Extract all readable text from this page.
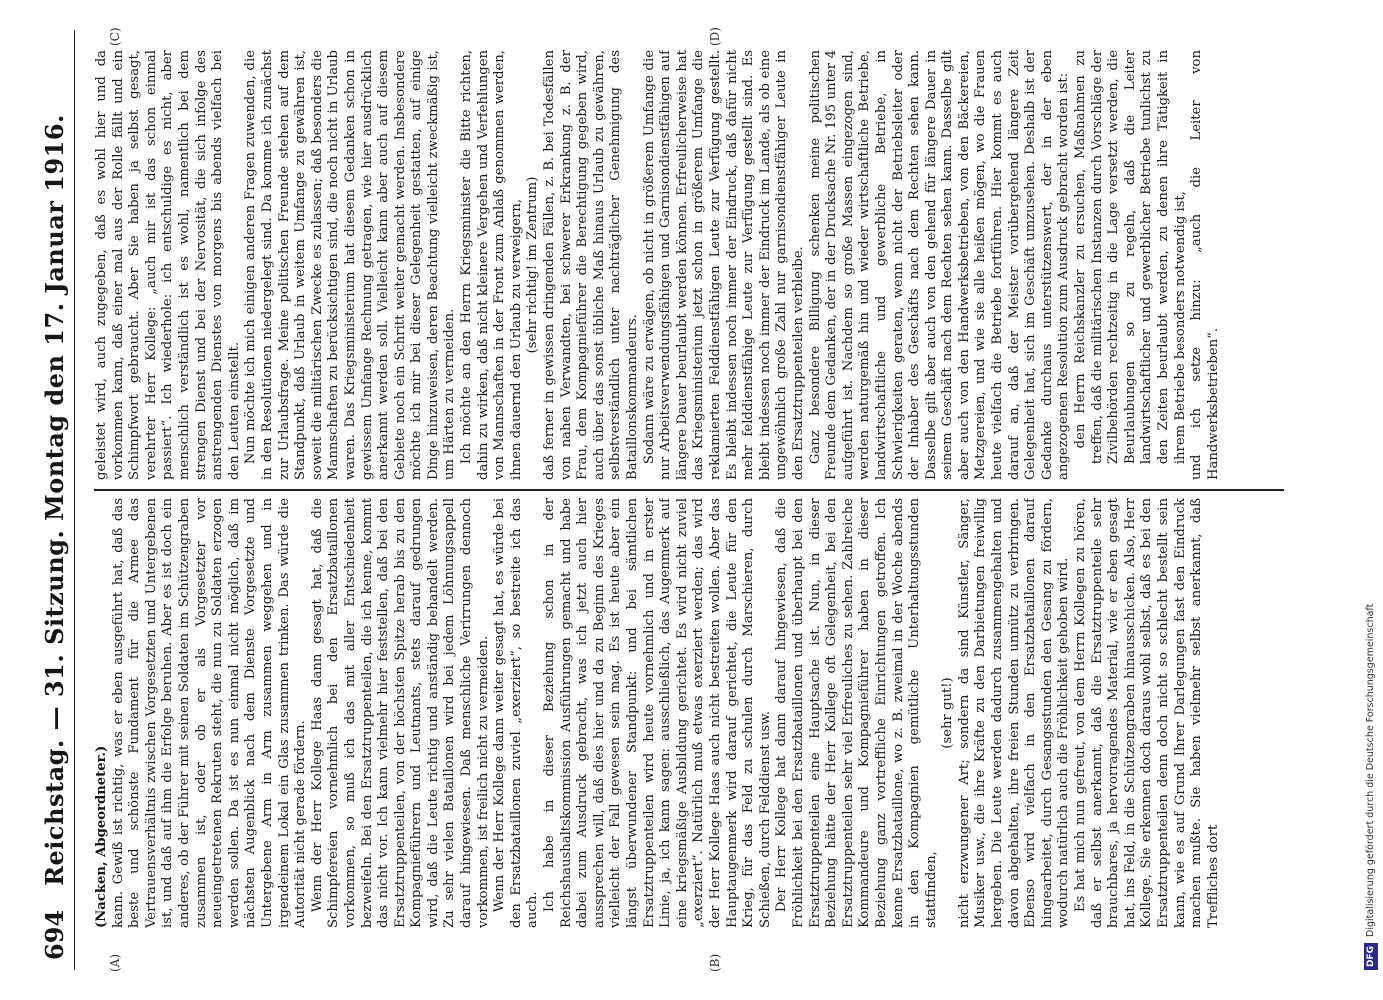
694
Reichstag. — 31. Sitzung. Montag den 17. Januar 1916.
(A)	(B)
(C)	(D)

(Nacken, Abgeordneter.) kann. Gewiß ist richtig, was er eben ausgeführt hat, daß das beste und schönste Fundament für die Armee das Vertrauensverhältnis zwischen Vorgesetzten und Untergebenen ist, und daß auf ihm die Erfolge beruhen. Aber es ist doch ein anderes, ob der Führer mit seinen Soldaten im Schützengraben zusammen ist, oder ob er als Vorgesetzter vor neueingetretenen Rekruten steht, die nun zu Soldaten erzogen werden sollen. Da ist es nun einmal nicht möglich, daß im nächsten Augenblick nach dem Dienste Vorgesetzte und Untergebene Arm in Arm zusammen weggehen und in irgendeinem Lokal ein Glas zusammen trinken. Das würde die Autorität nicht gerade fördern. Wenn der Herr Kollege Haas dann gesagt hat, daß die Schimpfereien vornehmlich bei den Ersatzbataillonen vorkommen, so muß ich das mit aller Entschiedenheit bezweifeln. Bei den Ersatztruppenteilen, die ich kenne, kommt das nicht vor. Ich kann vielmehr hier feststellen, daß bei den Ersatztruppenteilen, von der höchsten Spitze herab bis zu den Kompagnieführern und Leutnants, stets darauf gedrungen wird, daß die Leute richtig und anständig behandelt werden. Zu sehr vielen Bataillonen wird bei jedem Löhnungsappell darauf hingewiesen. Daß menschliche Verirrungen dennoch vorkommen, ist freilich nicht zu vermeiden. Wenn der Herr Kollege dann weiter gesagt hat, es würde bei den Ersatzbataillonen zuviel „exerziert“, so bestreite ich das auch. Ich habe in dieser Beziehung schon in der Reichshaushaltskommission Ausführungen gemacht und habe dabei zum Ausdruck gebracht, was ich jetzt auch hier aussprechen will, daß dies hier und da zu Beginn des Krieges vielleicht der Fall gewesen sein mag. Es ist heute aber ein längst überwundener Standpunkt: und bei sämtlichen Ersatztruppenteilen wird heute vornehmlich und in erster Linie, ja, ich kann sagen: ausschließlich, das Augenmerk auf eine kriegsmäßige Ausbildung gerichtet. Es wird nicht zuviel „exerziert“. Natürlich muß etwas exerziert werden; das wird der Herr Kollege Haas auch nicht bestreiten wollen. Aber das Hauptaugenmerk wird darauf gerichtet, die Leute für den Krieg, für das Feld zu schulen durch Marschieren, durch Schießen, durch Felddienst usw. Der Herr Kollege hat dann darauf hingewiesen, daß die Fröhlichkeit bei den Ersatzbataillonen und überhaupt bei den Ersatztruppenteilen eine Hauptsache ist. Nun, in dieser Beziehung hätte der Herr Kollege oft Gelegenheit, bei den Ersatztruppenteilen sehr viel Erfreuliches zu sehen. Zahlreiche Kommandeure und Kompagnieführer haben in dieser Beziehung ganz vortreffliche Einrichtungen getroffen. Ich kenne Ersatzbataillone, wo z. B. zweimal in der Woche abends in den Kompagnien gemütliche Unterhaltungsstunden stattfinden,

(sehr gut!) nicht erzwungener Art; sondern da sind Künstler, Sänger, Musiker usw., die ihre Kräfte zu den Darbietungen freiwillig hergeben. Die Leute werden dadurch zusammengehalten und davon abgehalten, ihre freien Stunden unnütz zu verbringen. Ebenso wird vielfach in den Ersatzbataillonen darauf hingearbeitet, durch Gesangsstunden den Gesang zu fördern, wodurch natürlich auch die Fröhlichkeit gehoben wird. Es hat mich nun gefreut, von dem Herrn Kollegen zu hören, daß er selbst anerkannt, daß die Ersatztruppenteile sehr brauchbares, ja hervorragendes Material, wie er eben gesagt hat, ins Feld, in die Schützengraben hinausschicken. Also, Herr Kollege, Sie erkennen doch daraus wohl selbst, daß es bei den Ersatztruppenteilen denn doch nicht so schlecht bestellt sein kann, wie es auf Grund Ihrer Darlegungen fast den Eindruck machen mußte. Sie haben vielmehr selbst anerkannt, daß Treffliches dort

geleistet wird, auch zugegeben, daß es wohl hier und da vorkommen kann, daß einer mal aus der Rolle fällt und ein Schimpfwort gebraucht. Aber Sie haben ja selbst gesagt, verehrter Herr Kollege: „auch mir ist das schon einmal passiert“. Ich wiederhole: ich entschuldige es nicht, aber menschlich verständlich ist es wohl, namentlich bei dem strengen Dienst und bei der Nervosität, die sich infolge des anstrengenden Dienstes von morgens bis abends vielfach bei den Leuten einstellt. Nun möchte ich mich einigen anderen Fragen zuwenden, die in den Resolutionen niedergelegt sind. Da komme ich zunächst zur Urlaubsfrage. Meine politischen Freunde stehen auf dem Standpunkt, daß Urlaub in weitem Umfange zu gewähren ist, soweit die militärischen Zwecke es zulassen; daß besonders die Mannschaften zu berücksichtigen sind, die noch nicht in Urlaub waren. Das Kriegsministerium hat diesem Gedanken schon in gewissem Umfange Rechnung getragen, wie hier ausdrücklich anerkannt werden soll. Vielleicht kann aber auch auf diesem Gebiete noch ein Schritt weiter gemacht werden. Insbesondere möchte ich mir bei dieser Gelegenheit gestatten, auf einige Dinge hinzuweisen, deren Beachtung vielleicht zweckmäßig ist, um Härten zu vermeiden. Ich möchte an den Herrn Kriegsminister die Bitte richten, dahin zu wirken, daß nicht kleinere Vergehen und Verfehlungen von Mannschaften in der Front zum Anlaß genommen werden, ihnen dauernd den Urlaub zu verweigern, (sehr richtig! im Zentrum) daß ferner in gewissen dringenden Fällen, z. B. bei Todesfällen von nahen Verwandten, bei schwerer Erkrankung z. B. der Frau, dem Kompagnieführer die Berechtigung gegeben wird, auch über das sonst übliche Maß hinaus Urlaub zu gewähren, selbstverständlich unter nachträglicher Genehmigung des Bataillonskommandeurs. Sodann wäre zu erwägen, ob nicht in größerem Umfange die nur Arbeitsverwendungsfähigen und Garnisondienstfähigen auf längere Dauer beurlaubt werden können. Erfreulicherweise hat das Kriegsministerium jetzt schon in größerem Umfange die reklamierten Felddienstfähigen Leute zur Verfügung gestellt. Es bleibt indessen noch immer der Eindruck, daß dafür nicht mehr felddienstfähige Leute zur Verfügung gestellt sind. Es bleibt indessen noch immer der Eindruck im Lande, als ob eine ungewöhnlich große Zahl nur garnisondienstfähiger Leute in den Ersatztruppenteilen verbleibe. Ganz besondere Billigung schenken meine politischen Freunde dem Gedanken, der in der Drucksache Nr. 195 unter 4 aufgeführt ist. Nachdem so große Massen eingezogen sind, werden naturgemäß hin und wieder wirtschaftliche Betriebe, landwirtschaftliche und gewerbliche Betriebe, in Schwierigkeiten geraten, wenn nicht der Betriebsleiter oder der Inhaber des Geschäfts nach dem Rechten sehen kann. Dasselbe gilt aber auch von den gehend für längere Dauer in seinem Geschäft nach dem Rechten sehen kann. Dasselbe gilt aber auch von den Handwerksbetrieben, von den Bäckereien, Metzgereien, und wie sie alle heißen mögen, wo die Frauen heute vielfach die Betriebe fortführen. Hier kommt es auch darauf an, daß der Meister vorübergehend längere Zeit Gelegenheit hat, sich im Geschäft umzusehen. Deshalb ist der Gedanke durchaus unterstützenswert, der in der eben angezogenen Resolution zum Ausdruck gebracht worden ist: den Herrn Reichskanzler zu ersuchen, Maßnahmen zu treffen, daß die militärischen Instanzen durch Vorschläge der Zivilbehörden rechtzeitig in die Lage versetzt werden, die Beurlaubungen so zu regeln, daß die Leiter landwirtschaftlicher und gewerblicher Betriebe tunlichst zu den Zeiten beurlaubt werden, zu denen ihre Tätigkeit in ihrem Betriebe besonders notwendig ist, und ich setze hinzu: „auch die Leiter von Handwerksbetrieben“.

DFGDigitalisierung gefördert durch die Deutsche Forschungsgemeinschaft
